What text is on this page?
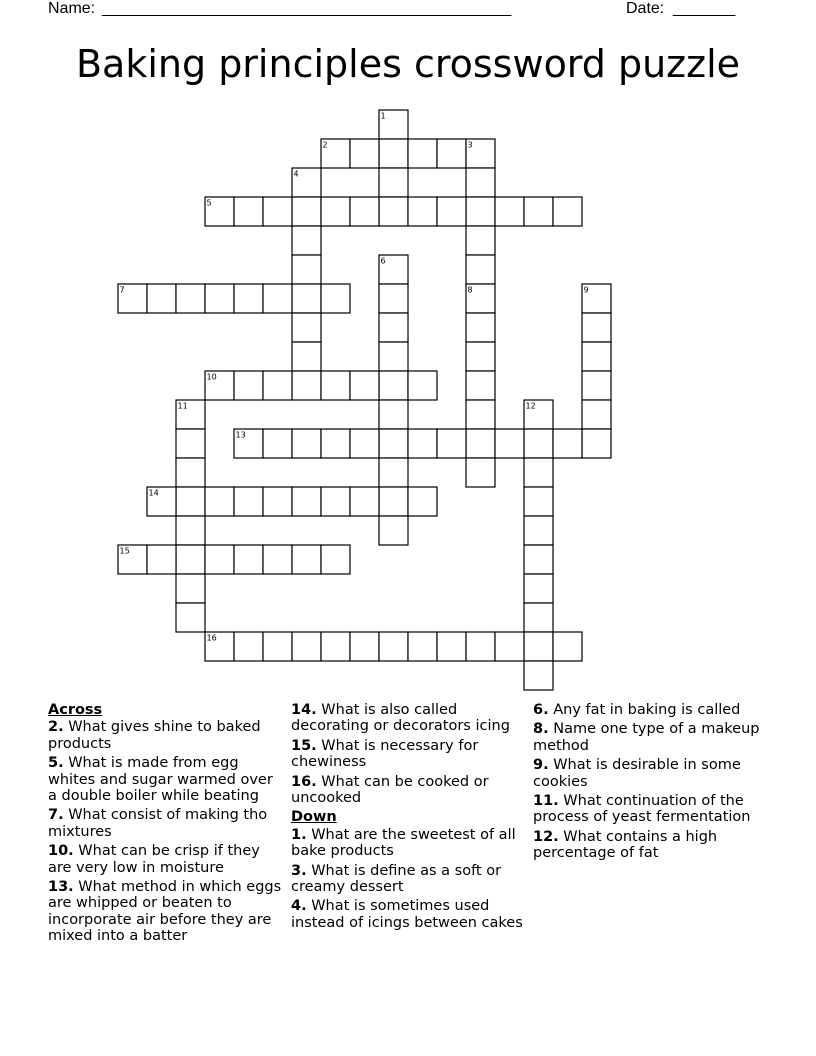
Name: ______________________________________________	Date: _______
Baking principles crossword puzzle
1
2	3
4
5
6
7	8	9
10
11	12
13
14
15
16
Across
2. What gives shine to baked products
5. What is made from egg whites and sugar warmed over a double boiler while beating
7. What consist of making tho mixtures
10. What can be crisp if they are very low in moisture
13. What method in which eggs are whipped or beaten to incorporate air before they are mixed into a batter
14. What is also called decorating or decorators icing
15. What is necessary for chewiness
16. What can be cooked or uncooked
Down
1. What are the sweetest of all bake products
3. What is define as a soft or creamy dessert
4. What is sometimes used instead of icings between cakes
6. Any fat in baking is called
8. Name one type of a makeup method
9. What is desirable in some cookies
11. What continuation of the process of yeast fermentation
12. What contains a high percentage of fat
